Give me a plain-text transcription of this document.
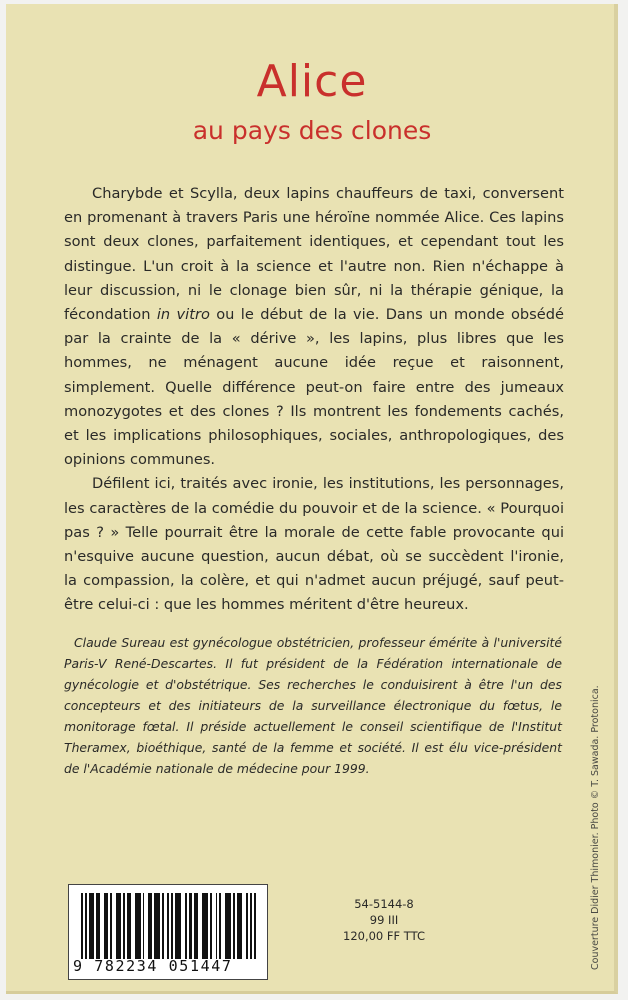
Alice
au pays des clones

Charybde et Scylla, deux lapins chauffeurs de taxi, conversent en promenant à travers Paris une héroïne nommée Alice. Ces lapins sont deux clones, parfaitement identiques, et cependant tout les distingue. L'un croit à la science et l'autre non. Rien n'échappe à leur discussion, ni le clonage bien sûr, ni la thérapie génique, la fécondation in vitro ou le début de la vie. Dans un monde obsédé par la crainte de la « dérive », les lapins, plus libres que les hommes, ne ménagent aucune idée reçue et raisonnent, simplement. Quelle différence peut-on faire entre des jumeaux monozygotes et des clones ? Ils montrent les fondements cachés, et les implications philosophiques, sociales, anthropologiques, des opinions communes.

Défilent ici, traités avec ironie, les institutions, les personnages, les caractères de la comédie du pouvoir et de la science. « Pourquoi pas ? » Telle pourrait être la morale de cette fable provocante qui n'esquive aucune question, aucun débat, où se succèdent l'ironie, la compassion, la colère, et qui n'admet aucun préjugé, sauf peut-être celui-ci : que les hommes méritent d'être heureux.

Claude Sureau est gynécologue obstétricien, professeur émérite à l'université Paris-V René-Descartes. Il fut président de la Fédération internationale de gynécologie et d'obstétrique. Ses recherches le conduisirent à être l'un des concepteurs et des initiateurs de la surveillance électronique du fœtus, le monitorage fœtal. Il préside actuellement le conseil scientifique de l'Institut Theramex, bioéthique, santé de la femme et société. Il est élu vice-président de l'Académie nationale de médecine pour 1999.	Couverture Didier Thimonier. Photo © T. Sawada. Protonica.
9 782234 051447
54-5144-8
99 III
120,00 FF TTC
